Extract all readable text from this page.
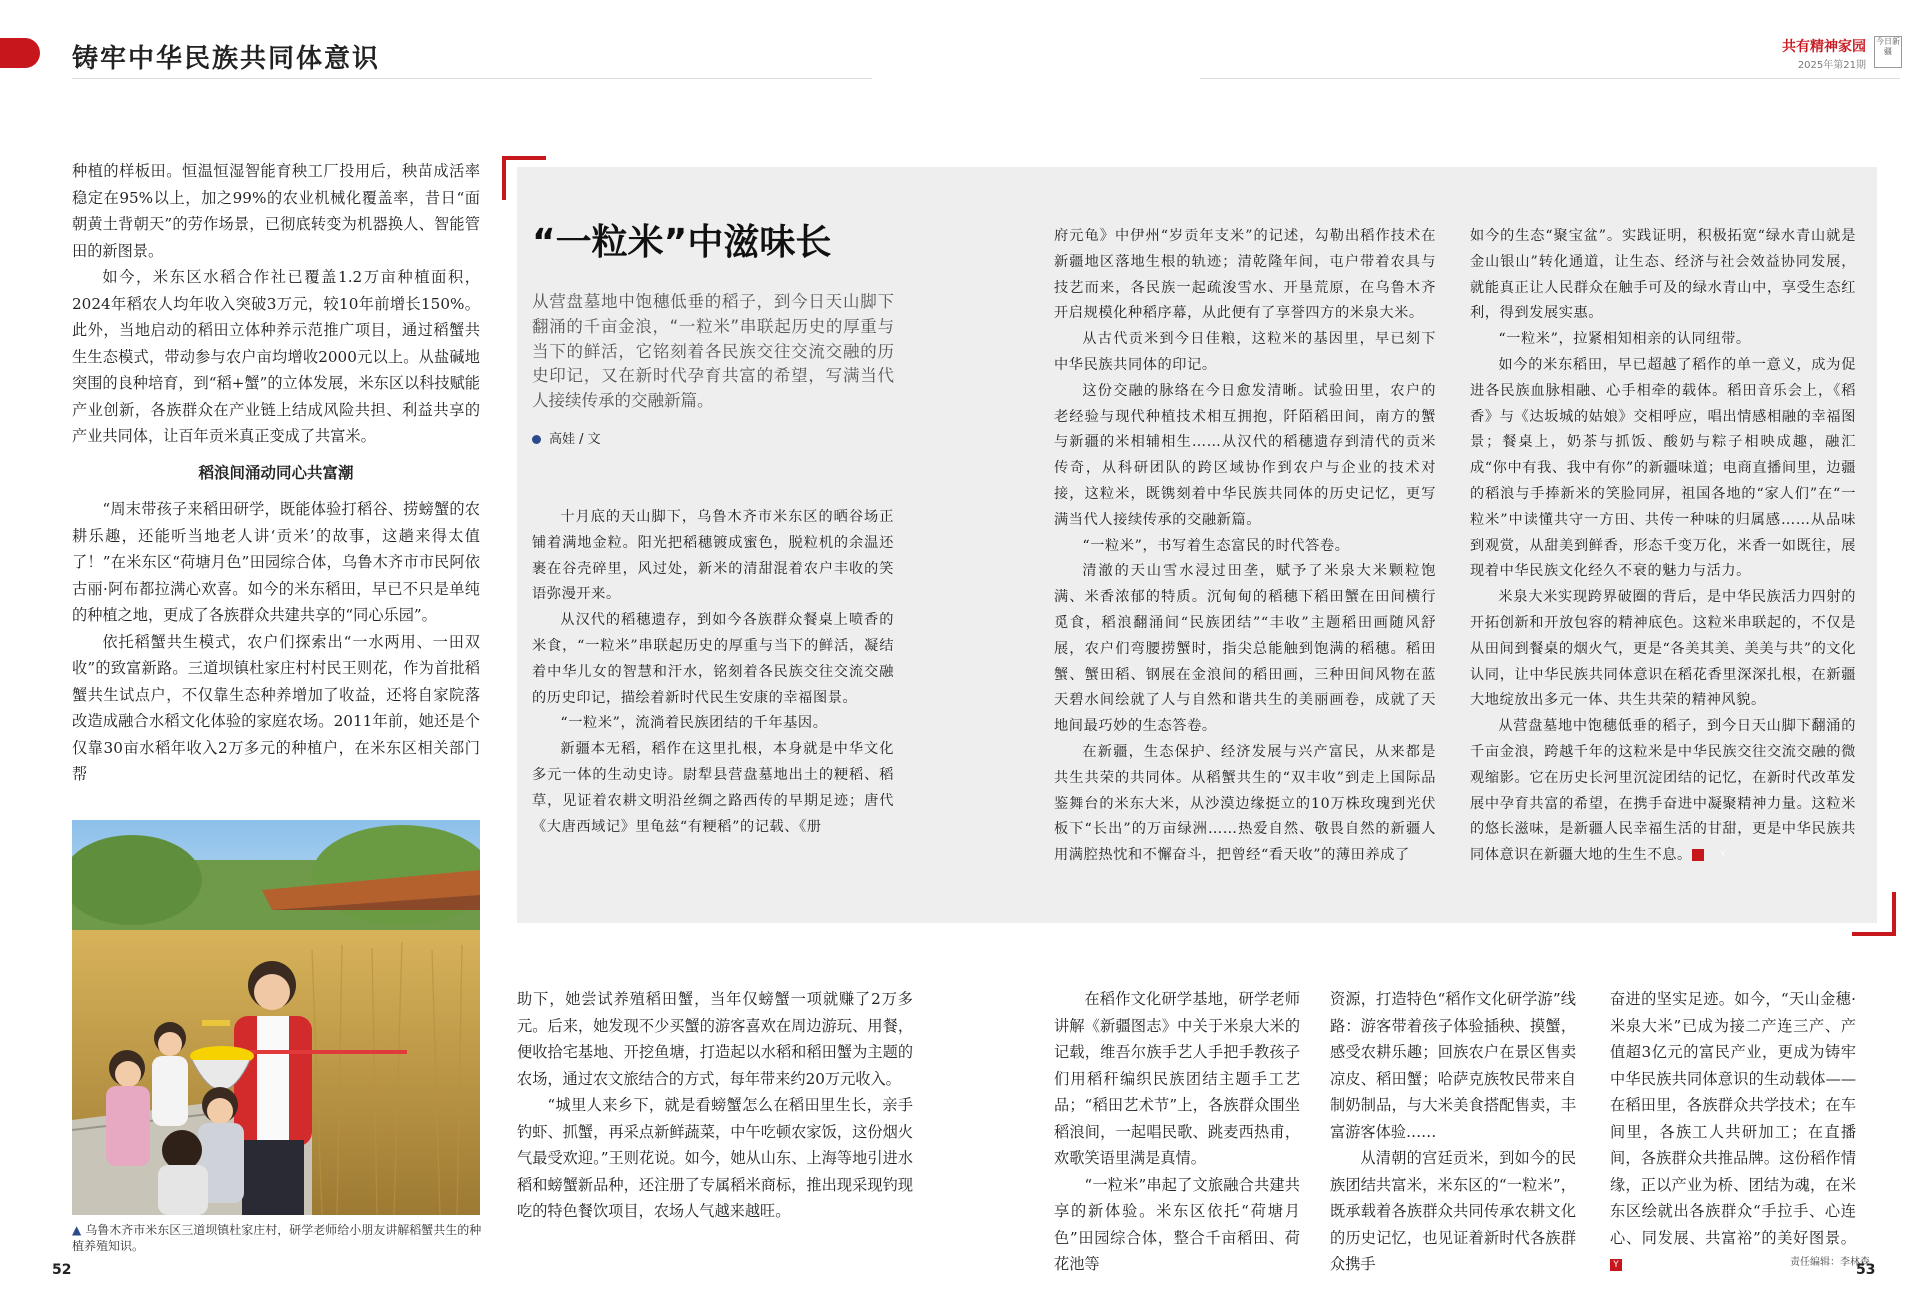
铸牢中华民族共同体意识	共有精神家园
2025年第21期
今日新疆

种植的样板田。恒温恒湿智能育秧工厂投用后，秧苗成活率稳定在95%以上，加之99%的农业机械化覆盖率，昔日“面朝黄土背朝天”的劳作场景，已彻底转变为机器换人、智能管田的新图景。

如今，米东区水稻合作社已覆盖1.2万亩种植面积，2024年稻农人均年收入突破3万元，较10年前增长150%。此外，当地启动的稻田立体种养示范推广项目，通过稻蟹共生生态模式，带动参与农户亩均增收2000元以上。从盐碱地突围的良种培育，到“稻+蟹”的立体发展，米东区以科技赋能产业创新，各族群众在产业链上结成风险共担、利益共享的产业共同体，让百年贡米真正变成了共富米。

稻浪间涌动同心共富潮

“周末带孩子来稻田研学，既能体验打稻谷、捞螃蟹的农耕乐趣，还能听当地老人讲‘贡米’的故事，这趟来得太值了！”在米东区“荷塘月色”田园综合体，乌鲁木齐市市民阿依古丽·阿布都拉满心欢喜。如今的米东稻田，早已不只是单纯的种植之地，更成了各族群众共建共享的“同心乐园”。

依托稻蟹共生模式，农户们探索出“一水两用、一田双收”的致富新路。三道坝镇杜家庄村村民王则花，作为首批稻蟹共生试点户，不仅靠生态种养增加了收益，还将自家院落改造成融合水稻文化体验的家庭农场。2011年前，她还是个仅靠30亩水稻年收入2万多元的种植户，在米东区相关部门帮

▲ 乌鲁木齐市米东区三道坝镇杜家庄村，研学老师给小朋友讲解稻蟹共生的种植养殖知识。
52

助下，她尝试养殖稻田蟹，当年仅螃蟹一项就赚了2万多元。后来，她发现不少买蟹的游客喜欢在周边游玩、用餐，便收拾宅基地、开挖鱼塘，打造起以水稻和稻田蟹为主题的农场，通过农文旅结合的方式，每年带来约20万元收入。

“城里人来乡下，就是看螃蟹怎么在稻田里生长，亲手钓虾、抓蟹，再采点新鲜蔬菜，中午吃顿农家饭，这份烟火气最受欢迎。”王则花说。如今，她从山东、上海等地引进水稻和螃蟹新品种，还注册了专属稻米商标，推出现采现钓现吃的特色餐饮项目，农场人气越来越旺。

“一粒米”中滋味长
从营盘墓地中饱穗低垂的稻子，到今日天山脚下翻涌的千亩金浪，“一粒米”串联起历史的厚重与当下的鲜活，它铭刻着各民族交往交流交融的历史印记，又在新时代孕育共富的希望，写满当代人接续传承的交融新篇。
高娃 / 文

十月底的天山脚下，乌鲁木齐市米东区的晒谷场正铺着满地金粒。阳光把稻穗镀成蜜色，脱粒机的余温还裹在谷壳碎里，风过处，新米的清甜混着农户丰收的笑语弥漫开来。

从汉代的稻穗遗存，到如今各族群众餐桌上喷香的米食，“一粒米”串联起历史的厚重与当下的鲜活，凝结着中华儿女的智慧和汗水，铭刻着各民族交往交流交融的历史印记，描绘着新时代民生安康的幸福图景。

“一粒米”，流淌着民族团结的千年基因。

新疆本无稻，稻作在这里扎根，本身就是中华文化多元一体的生动史诗。尉犁县营盘墓地出土的粳稻、稻草，见证着农耕文明沿丝绸之路西传的早期足迹；唐代《大唐西域记》里龟兹“有粳稻”的记载、《册

府元龟》中伊州“岁贡年支米”的记述，勾勒出稻作技术在新疆地区落地生根的轨迹；清乾隆年间，屯户带着农具与技艺而来，各民族一起疏浚雪水、开垦荒原，在乌鲁木齐开启规模化种稻序幕，从此便有了享誉四方的米泉大米。

从古代贡米到今日佳粮，这粒米的基因里，早已刻下中华民族共同体的印记。

这份交融的脉络在今日愈发清晰。试验田里，农户的老经验与现代种植技术相互拥抱，阡陌稻田间，南方的蟹与新疆的米相辅相生……从汉代的稻穗遗存到清代的贡米传奇，从科研团队的跨区域协作到农户与企业的技术对接，这粒米，既镌刻着中华民族共同体的历史记忆，更写满当代人接续传承的交融新篇。

“一粒米”，书写着生态富民的时代答卷。

清澈的天山雪水浸过田垄，赋予了米泉大米颗粒饱满、米香浓郁的特质。沉甸甸的稻穗下稻田蟹在田间横行觅食，稻浪翻涌间“民族团结”“丰收”主题稻田画随风舒展，农户们弯腰捞蟹时，指尖总能触到饱满的稻穗。稻田蟹、蟹田稻、钢展在金浪间的稻田画，三种田间风物在蓝天碧水间绘就了人与自然和谐共生的美丽画卷，成就了天地间最巧妙的生态答卷。

在新疆，生态保护、经济发展与兴产富民，从来都是共生共荣的共同体。从稻蟹共生的“双丰收”到走上国际品鉴舞台的米东大米，从沙漠边缘挺立的10万株玫瑰到光伏板下“长出”的万亩绿洲……热爱自然、敬畏自然的新疆人用满腔热忱和不懈奋斗，把曾经“看天收”的薄田养成了

如今的生态“聚宝盆”。实践证明，积极拓宽“绿水青山就是金山银山”转化通道，让生态、经济与社会效益协同发展，就能真正让人民群众在触手可及的绿水青山中，享受生态红利，得到发展实惠。

“一粒米”，拉紧相知相亲的认同纽带。

如今的米东稻田，早已超越了稻作的单一意义，成为促进各民族血脉相融、心手相牵的载体。稻田音乐会上，《稻香》与《达坂城的姑娘》交相呼应，唱出情感相融的幸福图景；餐桌上，奶茶与抓饭、酸奶与粽子相映成趣，融汇成“你中有我、我中有你”的新疆味道；电商直播间里，边疆的稻浪与手捧新米的笑脸同屏，祖国各地的“家人们”在“一粒米”中读懂共守一方田、共传一种味的归属感……从品味到观赏，从甜美到鲜香，形态千变万化，米香一如既往，展现着中华民族文化经久不衰的魅力与活力。

米泉大米实现跨界破圈的背后，是中华民族活力四射的开拓创新和开放包容的精神底色。这粒米串联起的，不仅是从田间到餐桌的烟火气，更是“各美其美、美美与共”的文化认同，让中华民族共同体意识在稻花香里深深扎根，在新疆大地绽放出多元一体、共生共荣的精神风貌。

从营盘墓地中饱穗低垂的稻子，到今日天山脚下翻涌的千亩金浪，跨越千年的这粒米是中华民族交往交流交融的微观缩影。它在历史长河里沉淀团结的记忆，在新时代改革发展中孕育共富的希望，在携手奋进中凝聚精神力量。这粒米的悠长滋味，是新疆人民幸福生活的甘甜，更是中华民族共同体意识在新疆大地的生生不息。	Y

在稻作文化研学基地，研学老师讲解《新疆图志》中关于米泉大米的记载，维吾尔族手艺人手把手教孩子们用稻秆编织民族团结主题手工艺品；“稻田艺术节”上，各族群众围坐稻浪间，一起唱民歌、跳麦西热甫，欢歌笑语里满是真情。

“一粒米”串起了文旅融合共建共享的新体验。米东区依托“荷塘月色”田园综合体，整合千亩稻田、荷花池等

资源，打造特色“稻作文化研学游”线路：游客带着孩子体验插秧、摸蟹，感受农耕乐趣；回族农户在景区售卖凉皮、稻田蟹；哈萨克族牧民带来自制奶制品，与大米美食搭配售卖，丰富游客体验……

从清朝的宫廷贡米，到如今的民族团结共富米，米东区的“一粒米”，既承载着各族群众共同传承农耕文化的历史记忆，也见证着新时代各族群众携手

奋进的坚实足迹。如今，“天山金穗·米泉大米”已成为接二产连三产、产值超3亿元的富民产业，更成为铸牢中华民族共同体意识的生动载体——在稻田里，各族群众共学技术；在车间里，各族工人共研加工；在直播间，各族群众共推品牌。这份稻作情缘，正以产业为桥、团结为魂，在米东区绘就出各族群众“手拉手、心连心、同发展、共富裕”的美好图景。Y	责任编辑：李林森
53
